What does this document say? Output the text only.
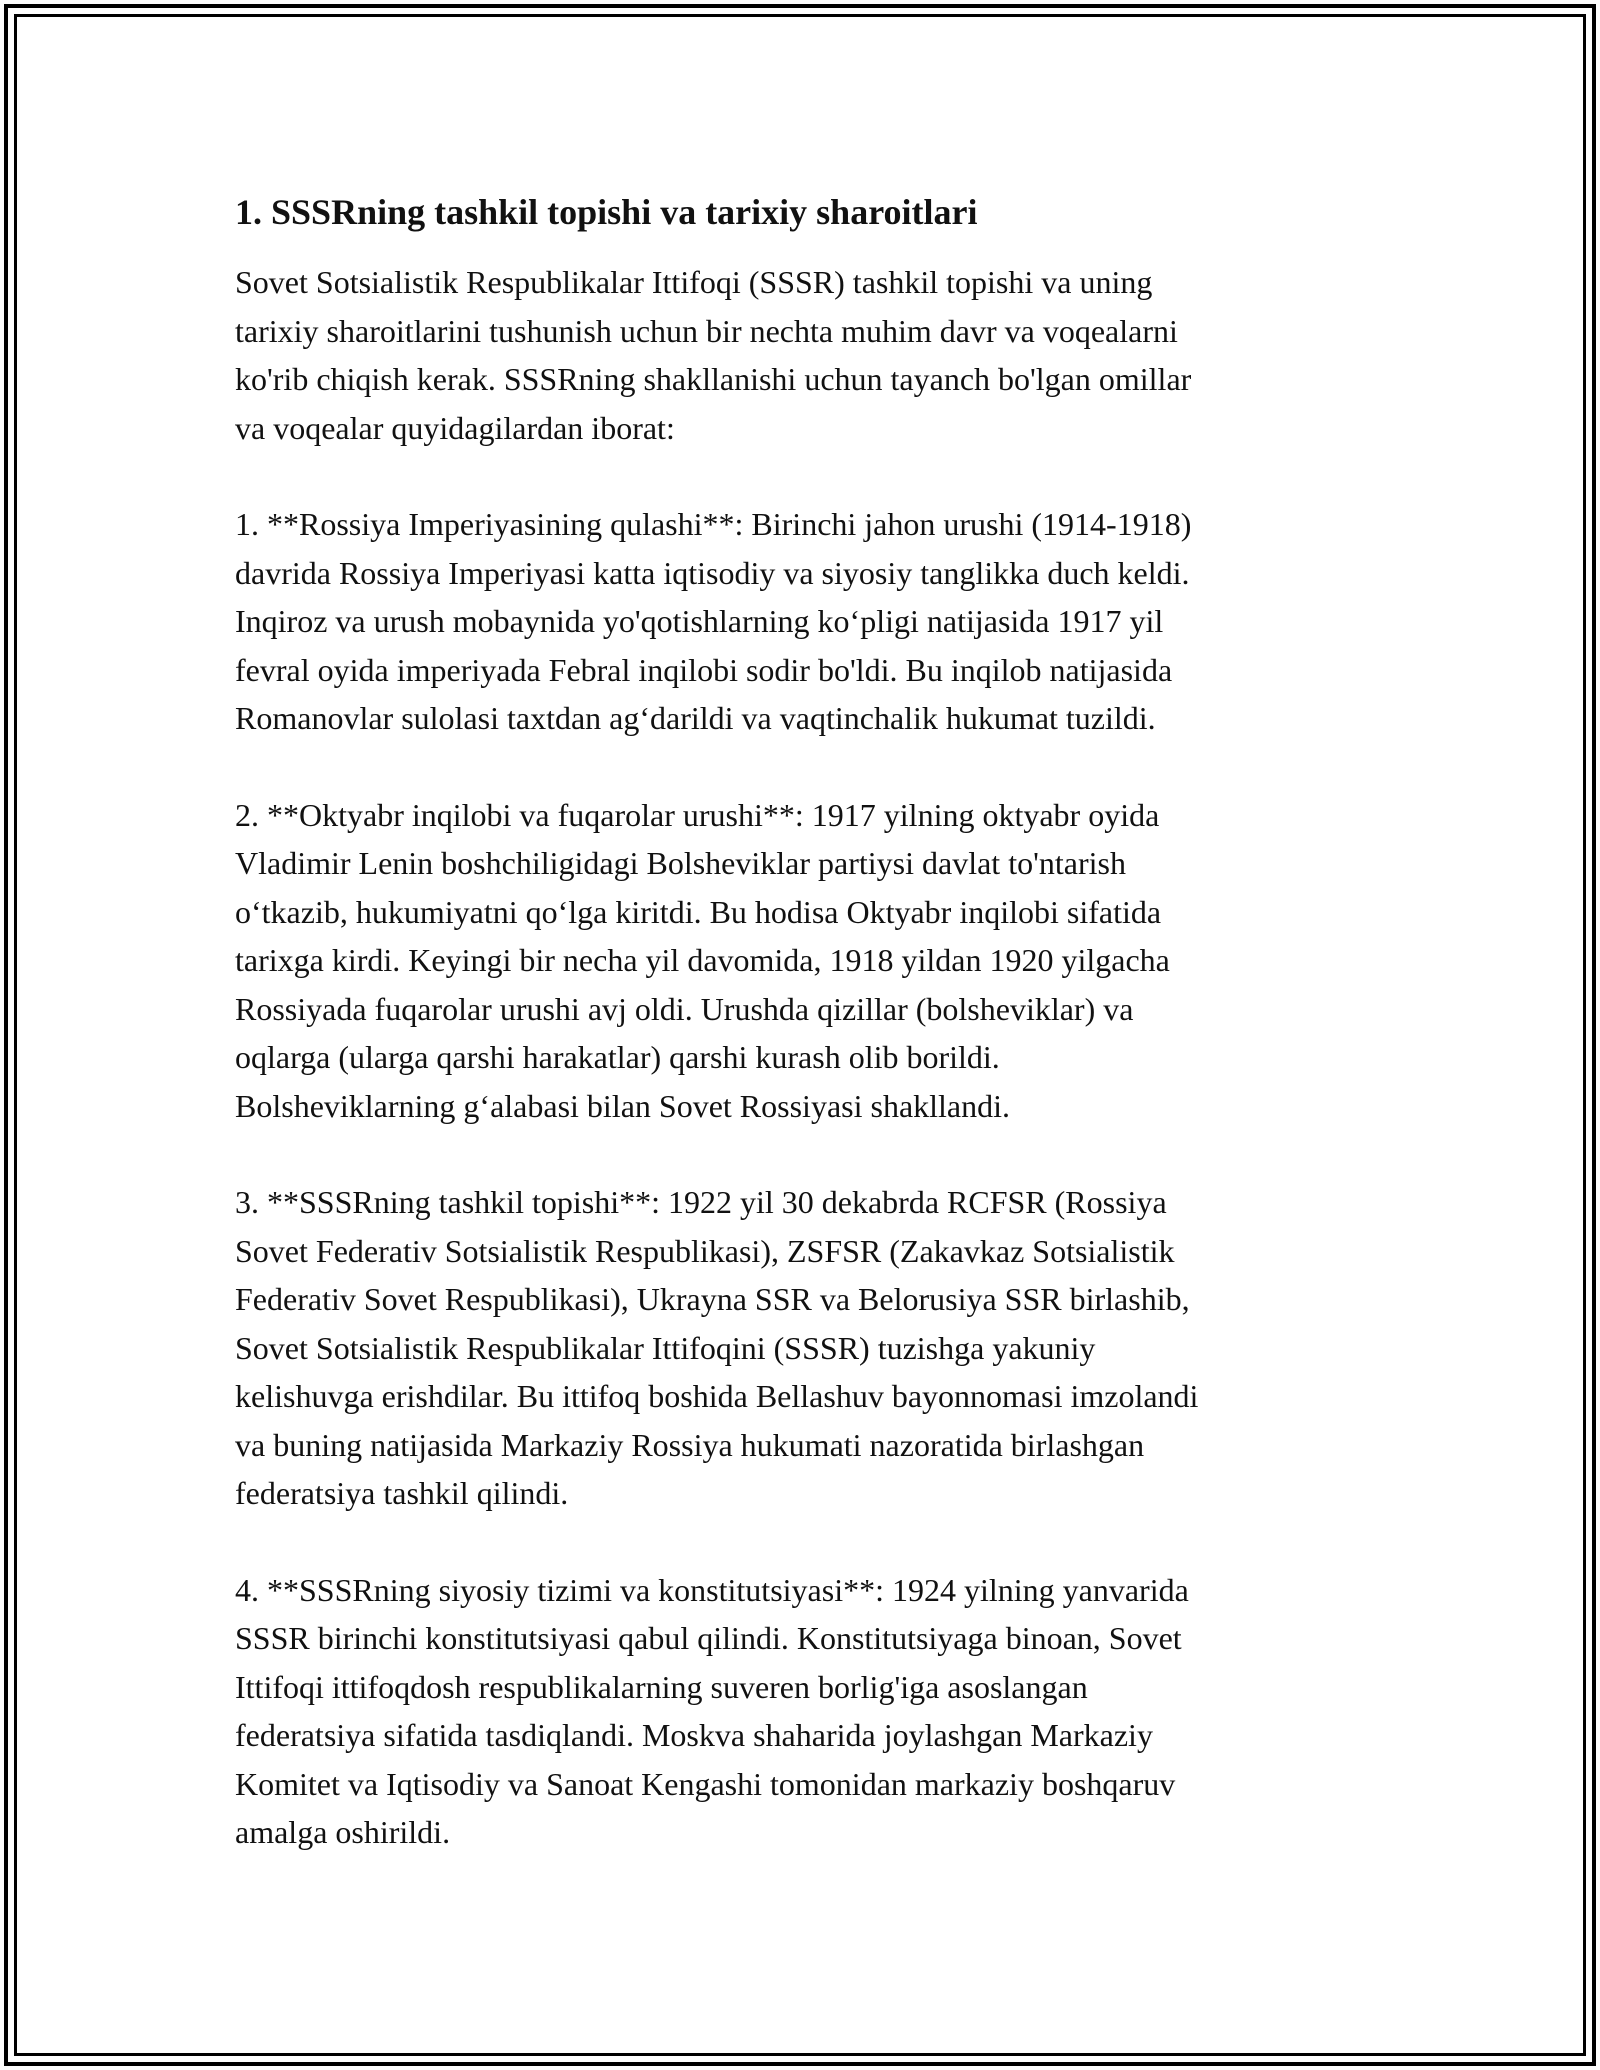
1. SSSRning tashkil topishi va tarixiy sharoitlari
Sovet Sotsialistik Respublikalar Ittifoqi (SSSR) tashkil topishi va uning
tarixiy sharoitlarini tushunish uchun bir nechta muhim davr va voqealarni
ko'rib chiqish kerak. SSSRning shakllanishi uchun tayanch bo'lgan omillar
va voqealar quyidagilardan iborat:
1. **Rossiya Imperiyasining qulashi**: Birinchi jahon urushi (1914-1918)
davrida Rossiya Imperiyasi katta iqtisodiy va siyosiy tanglikka duch keldi.
Inqiroz va urush mobaynida yo'qotishlarning ko‘pligi natijasida 1917 yil
fevral oyida imperiyada Febral inqilobi sodir bo'ldi. Bu inqilob natijasida
Romanovlar sulolasi taxtdan ag‘darildi va vaqtinchalik hukumat tuzildi.
2. **Oktyabr inqilobi va fuqarolar urushi**: 1917 yilning oktyabr oyida
Vladimir Lenin boshchiligidagi Bolsheviklar partiysi davlat to'ntarish
o‘tkazib, hukumiyatni qo‘lga kiritdi. Bu hodisa Oktyabr inqilobi sifatida
tarixga kirdi. Keyingi bir necha yil davomida, 1918 yildan 1920 yilgacha
Rossiyada fuqarolar urushi avj oldi. Urushda qizillar (bolsheviklar) va
oqlarga (ularga qarshi harakatlar) qarshi kurash olib borildi.
Bolsheviklarning g‘alabasi bilan Sovet Rossiyasi shakllandi.
3. **SSSRning tashkil topishi**: 1922 yil 30 dekabrda RCFSR (Rossiya
Sovet Federativ Sotsialistik Respublikasi), ZSFSR (Zakavkaz Sotsialistik
Federativ Sovet Respublikasi), Ukrayna SSR va Belorusiya SSR birlashib,
Sovet Sotsialistik Respublikalar Ittifoqini (SSSR) tuzishga yakuniy
kelishuvga erishdilar. Bu ittifoq boshida Bellashuv bayonnomasi imzolandi
va buning natijasida Markaziy Rossiya hukumati nazoratida birlashgan
federatsiya tashkil qilindi.
4. **SSSRning siyosiy tizimi va konstitutsiyasi**: 1924 yilning yanvarida
SSSR birinchi konstitutsiyasi qabul qilindi. Konstitutsiyaga binoan, Sovet
Ittifoqi ittifoqdosh respublikalarning suveren borlig'iga asoslangan
federatsiya sifatida tasdiqlandi. Moskva shaharida joylashgan Markaziy
Komitet va Iqtisodiy va Sanoat Kengashi tomonidan markaziy boshqaruv
amalga oshirildi.
